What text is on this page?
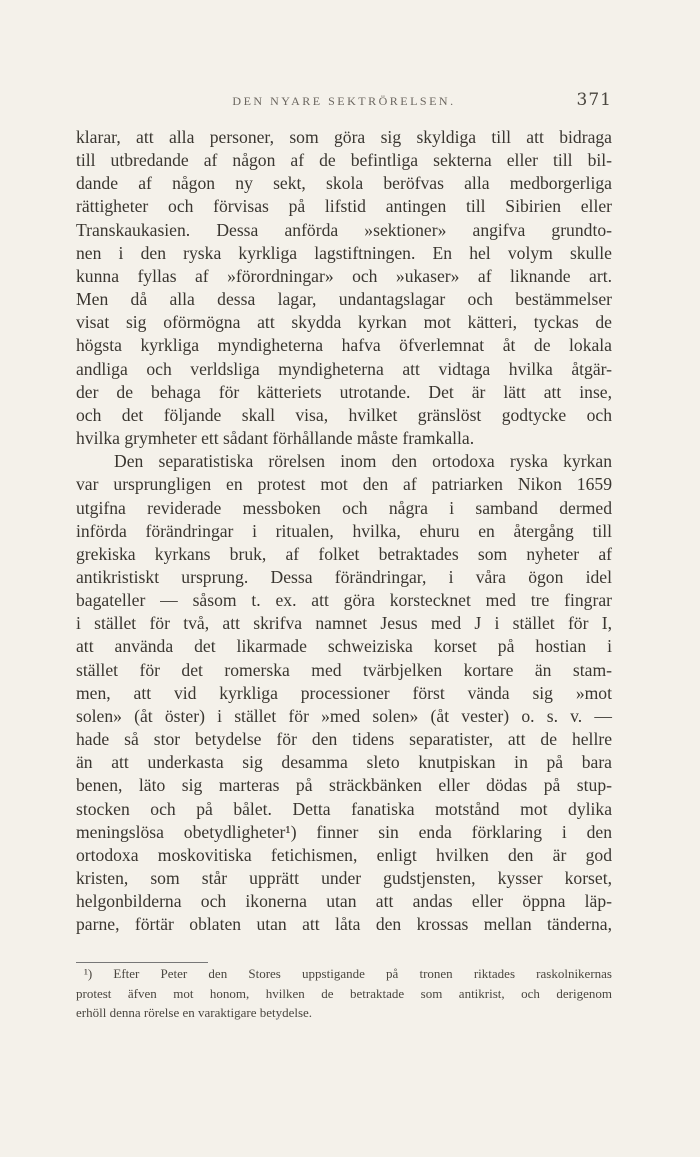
DEN NYARE SEKTRÖRELSEN.	371
klarar, att alla personer, som göra sig skyldiga till att bidraga
till utbredande af någon af de befintliga sekterna eller till bil-
dande af någon ny sekt, skola beröfvas alla medborgerliga
rättigheter och förvisas på lifstid antingen till Sibirien eller
Transkaukasien. Dessa anförda »sektioner» angifva grundto-
nen i den ryska kyrkliga lagstiftningen. En hel volym skulle
kunna fyllas af »förordningar» och »ukaser» af liknande art.
Men då alla dessa lagar, undantagslagar och bestämmelser
visat sig oförmögna att skydda kyrkan mot kätteri, tyckas de
högsta kyrkliga myndigheterna hafva öfverlemnat åt de lokala
andliga och verldsliga myndigheterna att vidtaga hvilka åtgär-
der de behaga för kätteriets utrotande. Det är lätt att inse,
och det följande skall visa, hvilket gränslöst godtycke och
hvilka grymheter ett sådant förhållande måste framkalla.
Den separatistiska rörelsen inom den ortodoxa ryska kyrkan
var ursprungligen en protest mot den af patriarken Nikon 1659
utgifna reviderade messboken och några i samband dermed
införda förändringar i ritualen, hvilka, ehuru en återgång till
grekiska kyrkans bruk, af folket betraktades som nyheter af
antikristiskt ursprung. Dessa förändringar, i våra ögon idel
bagateller — såsom t. ex. att göra korstecknet med tre fingrar
i stället för två, att skrifva namnet Jesus med J i stället för I,
att använda det likarmade schweiziska korset på hostian i
stället för det romerska med tvärbjelken kortare än stam-
men, att vid kyrkliga processioner först vända sig »mot
solen» (åt öster) i stället för »med solen» (åt vester) o. s. v. —
hade så stor betydelse för den tidens separatister, att de hellre
än att underkasta sig desamma sleto knutpiskan in på bara
benen, läto sig marteras på sträckbänken eller dödas på stup-
stocken och på bålet. Detta fanatiska motstånd mot dylika
meningslösa obetydligheter¹) finner sin enda förklaring i den
ortodoxa moskovitiska fetichismen, enligt hvilken den är god
kristen, som står upprätt under gudstjensten, kysser korset,
helgonbilderna och ikonerna utan att andas eller öppna läp-
parne, förtär oblaten utan att låta den krossas mellan tänderna,
¹) Efter Peter den Stores uppstigande på tronen riktades raskolnikernas
protest äfven mot honom, hvilken de betraktade som antikrist, och derigenom
erhöll denna rörelse en varaktigare betydelse.
